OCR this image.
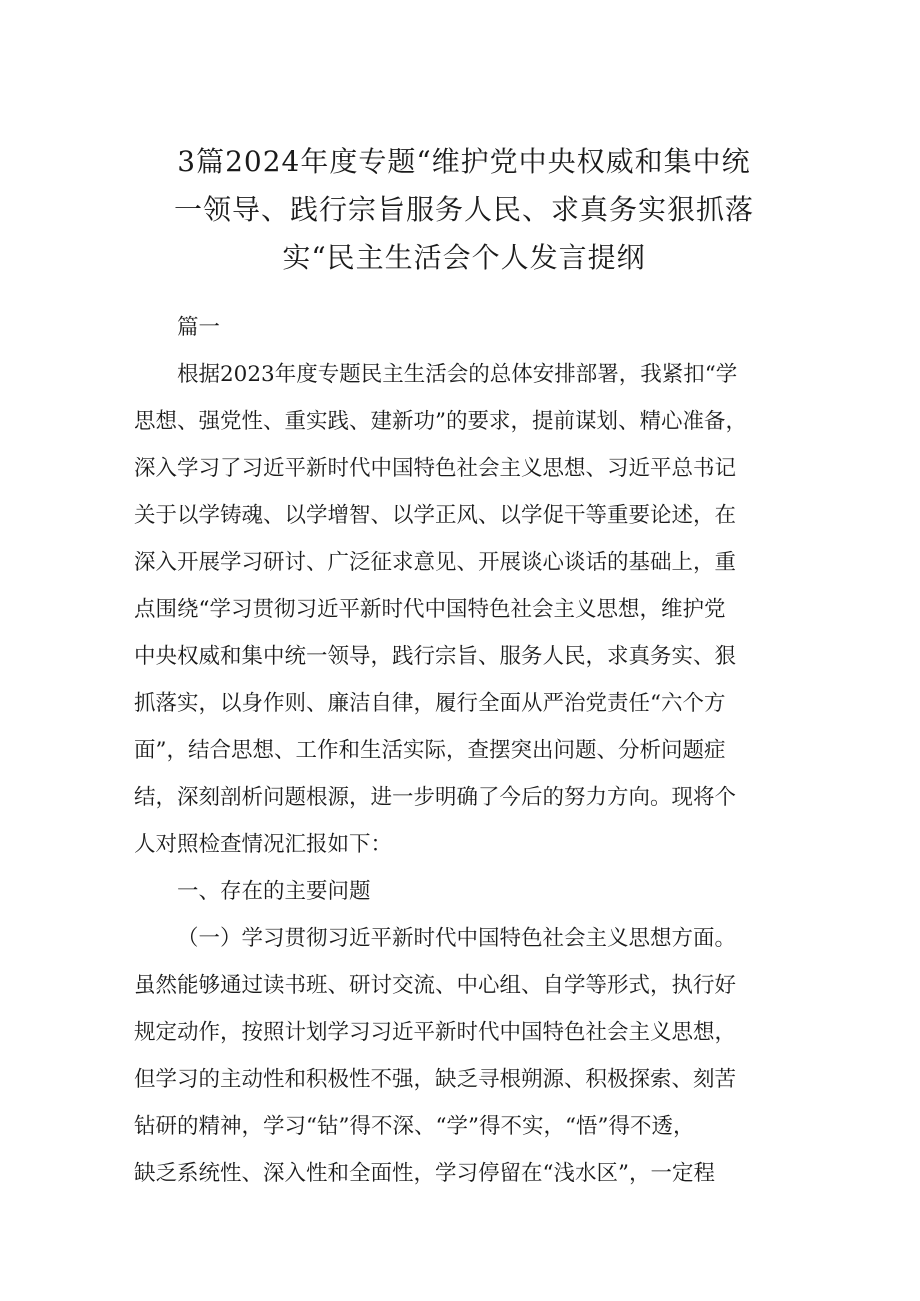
3篇2024年度专题“维护党中央权威和集中统
一领导、践行宗旨服务人民、求真务实狠抓落
实“民主生活会个人发言提纲

篇一

根据2023年度专题民主生活会的总体安排部署，我紧扣“学
思想、强党性、重实践、建新功”的要求，提前谋划、精心准备，
深入学习了习近平新时代中国特色社会主义思想、习近平总书记
关于以学铸魂、以学增智、以学正风、以学促干等重要论述，在
深入开展学习研讨、广泛征求意见、开展谈心谈话的基础上，重
点围绕“学习贯彻习近平新时代中国特色社会主义思想，维护党
中央权威和集中统一领导，践行宗旨、服务人民，求真务实、狠
抓落实，以身作则、廉洁自律，履行全面从严治党责任“六个方
面”，结合思想、工作和生活实际，查摆突出问题、分析问题症
结，深刻剖析问题根源，进一步明确了今后的努力方向。现将个
人对照检查情况汇报如下：

一、存在的主要问题

（一）学习贯彻习近平新时代中国特色社会主义思想方面。
虽然能够通过读书班、研讨交流、中心组、自学等形式，执行好
规定动作，按照计划学习习近平新时代中国特色社会主义思想，
但学习的主动性和积极性不强，缺乏寻根朔源、积极探索、刻苦
钻研的精神，学习“钻”得不深、“学”得不实，“悟”得不透，
缺乏系统性、深入性和全面性，学习停留在“浅水区”，一定程
